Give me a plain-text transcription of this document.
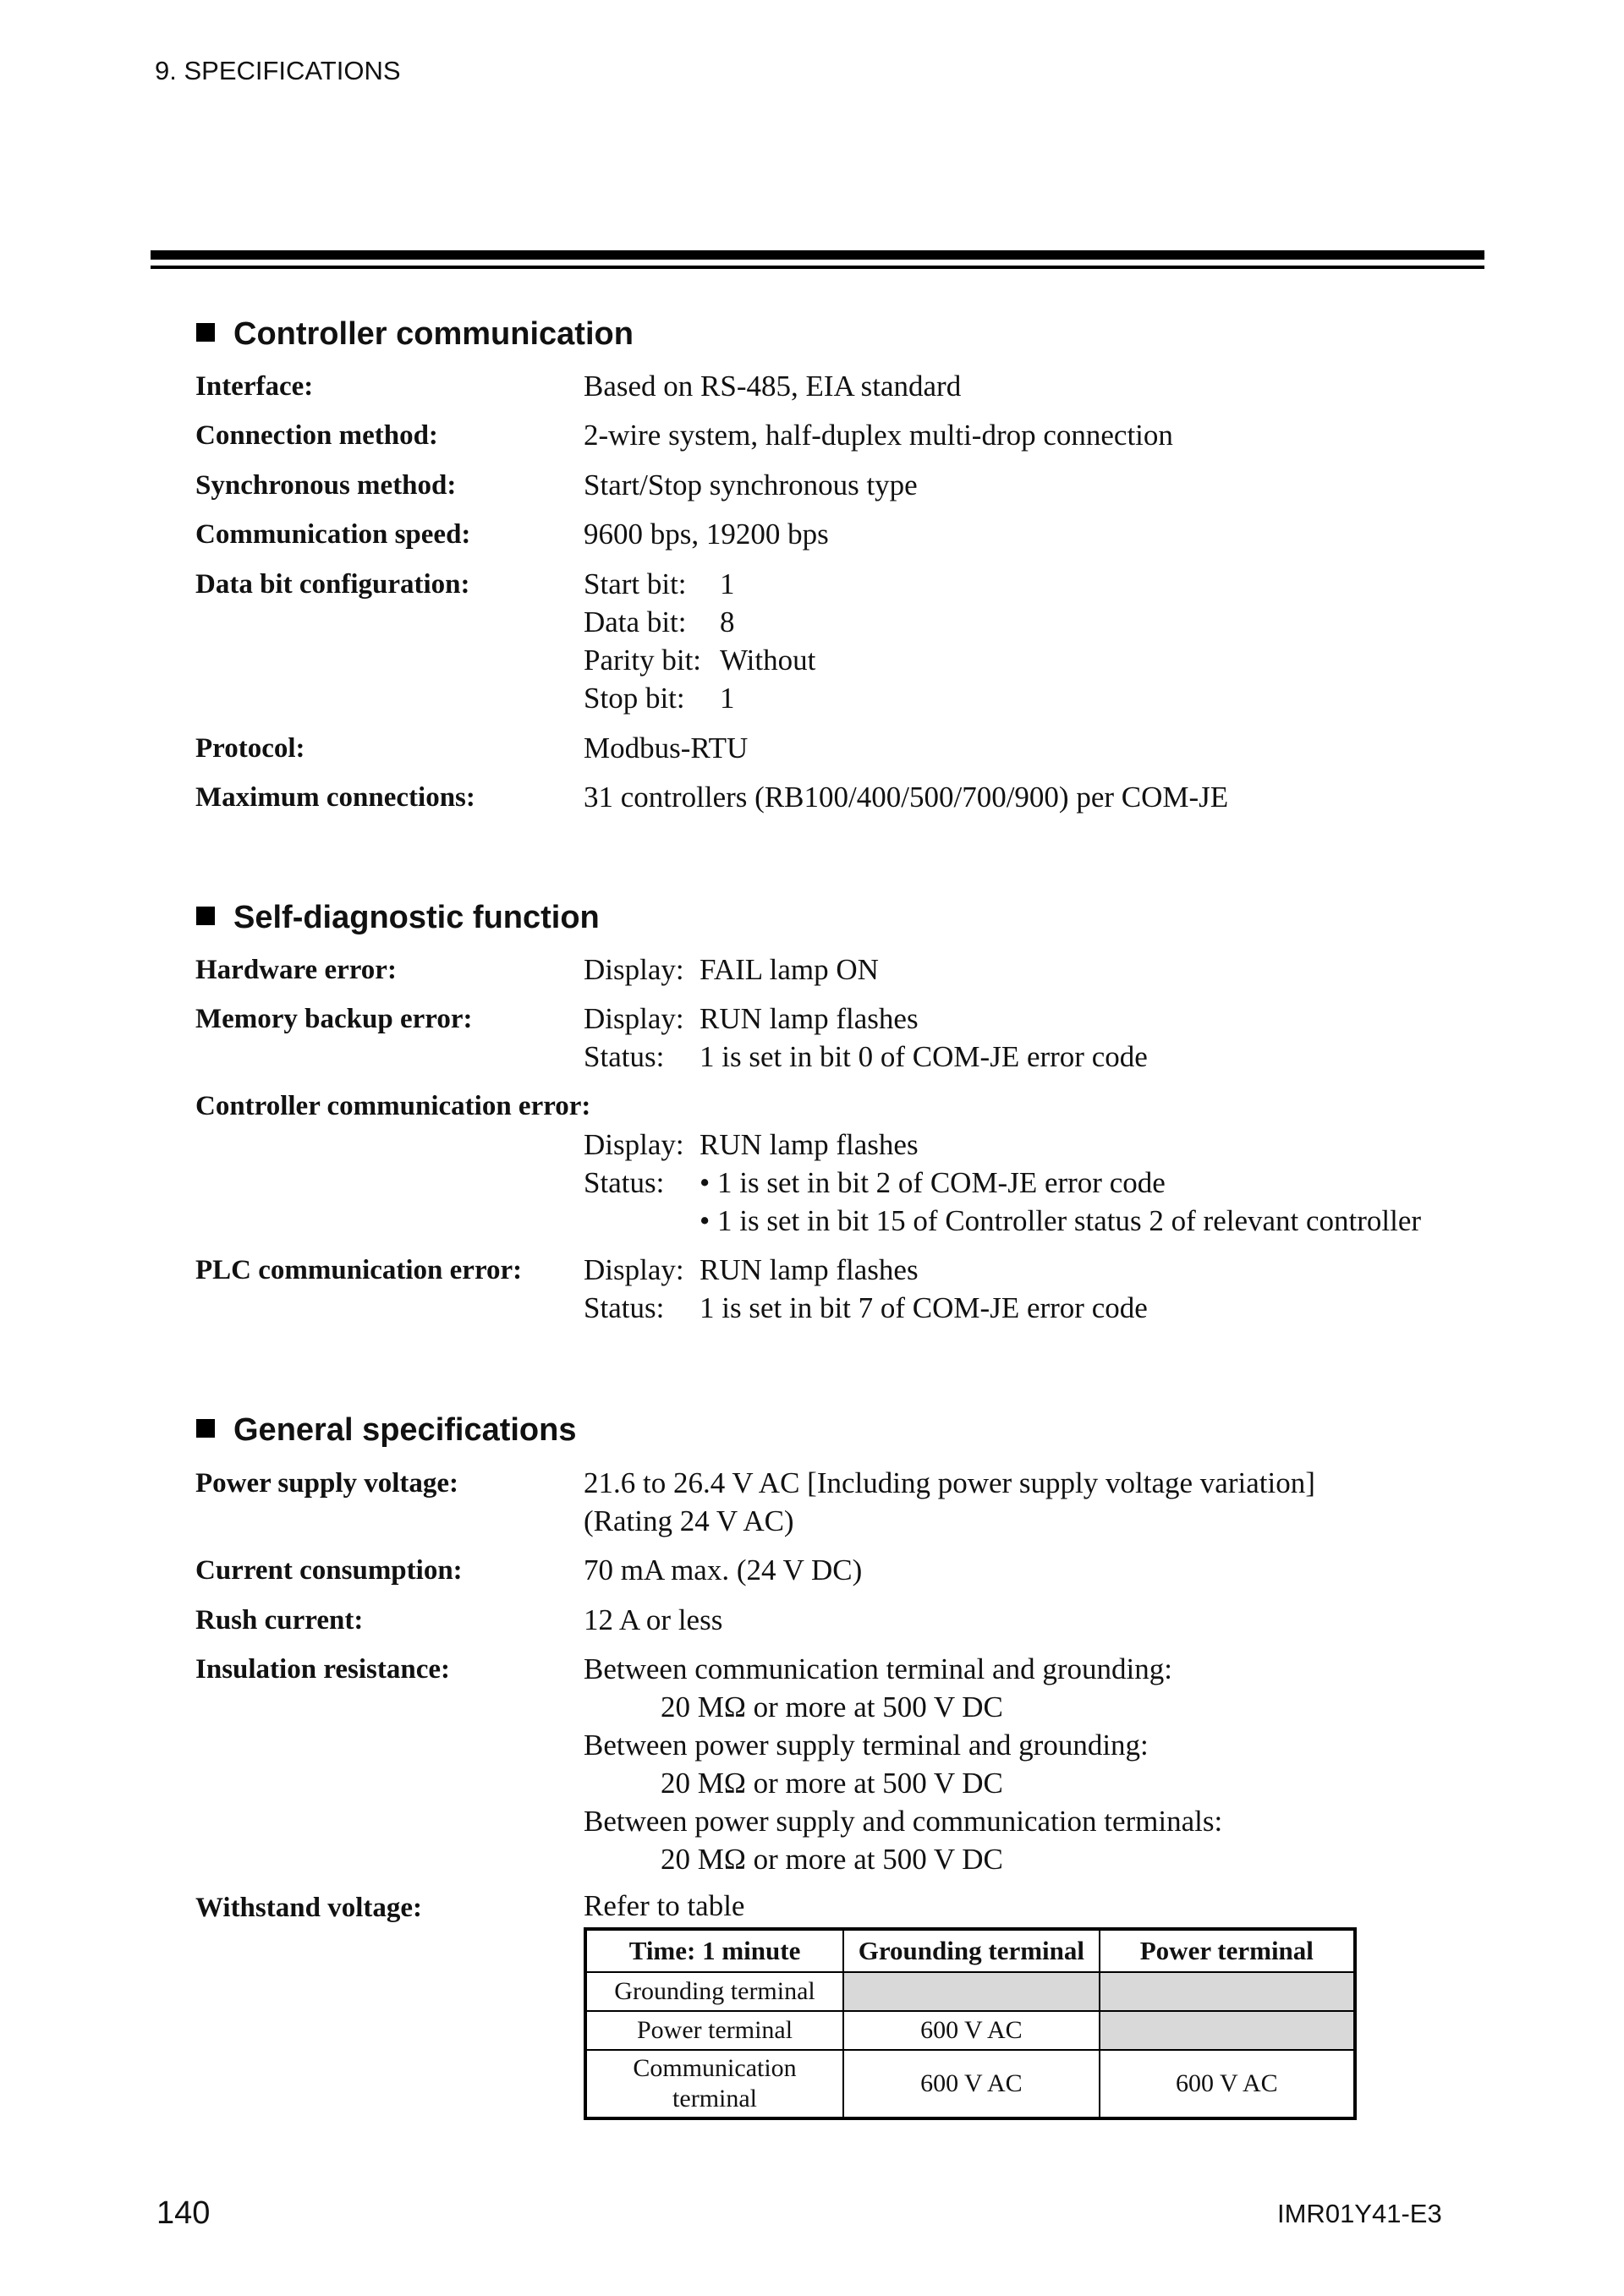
9. SPECIFICATIONS
Controller communication
Interface:	Based on RS-485, EIA standard
Connection method:	2-wire system, half-duplex multi-drop connection
Synchronous method:	Start/Stop synchronous type
Communication speed:	9600 bps, 19200 bps
Data bit configuration:	Start bit: 1
Data bit: 8
Parity bit: Without
Stop bit: 1
Protocol:	Modbus-RTU
Maximum connections:	31 controllers (RB100/400/500/700/900) per COM-JE
Self-diagnostic function
Hardware error:	Display: FAIL lamp ON
Memory backup error:	Display: RUN lamp flashes
Status: 1 is set in bit 0 of COM-JE error code
Controller communication error:
Display: RUN lamp flashes
Status: • 1 is set in bit 2 of COM-JE error code
• 1 is set in bit 15 of Controller status 2 of relevant controller
PLC communication error: Display: RUN lamp flashes
Status: 1 is set in bit 7 of COM-JE error code
General specifications
Power supply voltage:	21.6 to 26.4 V AC [Including power supply voltage variation]
(Rating 24 V AC)
Current consumption:	70 mA max. (24 V DC)
Rush current:	12 A or less
Insulation resistance:	Between communication terminal and grounding:
20 MΩ or more at 500 V DC
Between power supply terminal and grounding:
20 MΩ or more at 500 V DC
Between power supply and communication terminals:
20 MΩ or more at 500 V DC
Withstand voltage:	Refer to table
Time: 1 minute	Grounding terminal	Power terminal
Grounding terminal		
Power terminal	600 V AC	
Communication
terminal	600 V AC	600 V AC
140	IMR01Y41-E3
